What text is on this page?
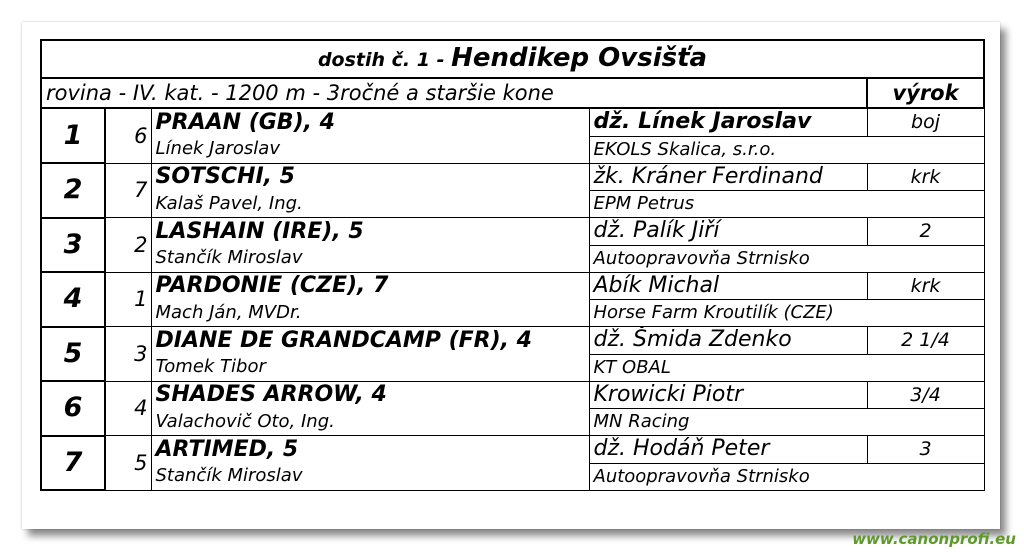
dostih č. 1 - Hendikep Ovsišťa				
rovina - IV. kat. - 1200 m - 3ročné a staršie kone				výrok
1	6	PRAAN (GB), 4	dž. Línek Jaroslav	boj
		Línek Jaroslav	EKOLS Skalica, s.r.o.	
2	7	SOTSCHI, 5	žk. Kráner Ferdinand	krk
		Kalaš Pavel, Ing.	EPM Petrus	
3	2	LASHAIN (IRE), 5	dž. Palík Jiří	2
		Stančík Miroslav	Autoopravovňa Strnisko	
4	1	PARDONIE (CZE), 7	Abík Michal	krk
		Mach Ján, MVDr.	Horse Farm Kroutilík (CZE)	
5	3	DIANE DE GRANDCAMP (FR), 4	dž. Šmida Zdenko	2 1/4
		Tomek Tibor	KT OBAL	
6	4	SHADES ARROW, 4	Krowicki Piotr	3/4
		Valachovič Oto, Ing.	MN Racing	
7	5	ARTIMED, 5	dž. Hodáň Peter	3
		Stančík Miroslav	Autoopravovňa Strnisko	
www.canonprofi.eu
